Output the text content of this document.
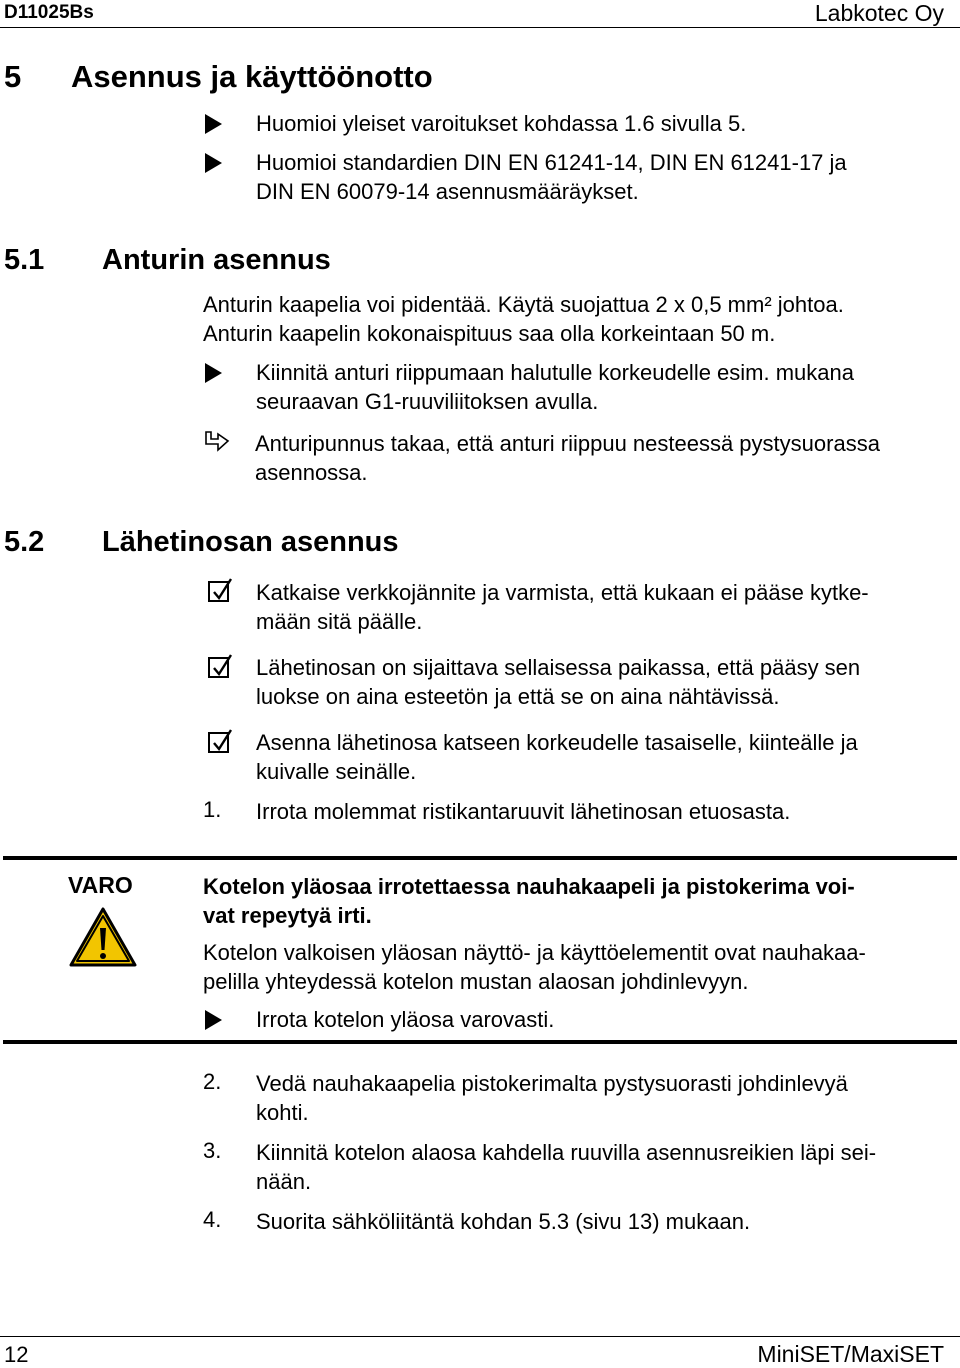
D11025Bs	Labkotec Oy
5 Asennus ja käyttöönotto
Huomioi yleiset varoitukset kohdassa 1.6 sivulla 5.
Huomioi standardien DIN EN 61241-14, DIN EN 61241-17 ja
DIN EN 60079-14 asennusmääräykset.
5.1 Anturin asennus
Anturin kaapelia voi pidentää. Käytä suojattua 2 x 0,5 mm² johtoa.
Anturin kaapelin kokonaispituus saa olla korkeintaan 50 m.
Kiinnitä anturi riippumaan halutulle korkeudelle esim. mukana
seuraavan G1-ruuviliitoksen avulla.
Anturipunnus takaa, että anturi riippuu nesteessä pystysuorassa
asennossa.
5.2 Lähetinosan asennus
Katkaise verkkojännite ja varmista, että kukaan ei pääse kytke-
mään sitä päälle.
Lähetinosan on sijaittava sellaisessa paikassa, että pääsy sen
luokse on aina esteetön ja että se on aina nähtävissä.
Asenna lähetinosa katseen korkeudelle tasaiselle, kiinteälle ja
kuivalle seinälle.
1. Irrota molemmat ristikantaruuvit lähetinosan etuosasta.
VARO	Kotelon yläosaa irrotettaessa nauhakaapeli ja pistokerima voi-
vat repeytyä irti.
Kotelon valkoisen yläosan näyttö- ja käyttöelementit ovat nauhakaa-
pelilla yhteydessä kotelon mustan alaosan johdinlevyyn.
Irrota kotelon yläosa varovasti.
2. Vedä nauhakaapelia pistokerimalta pystysuorasti johdinlevyä
kohti.
3. Kiinnitä kotelon alaosa kahdella ruuvilla asennusreikien läpi sei-
nään.
4. Suorita sähköliitäntä kohdan 5.3 (sivu 13) mukaan.
12	MiniSET/MaxiSET
